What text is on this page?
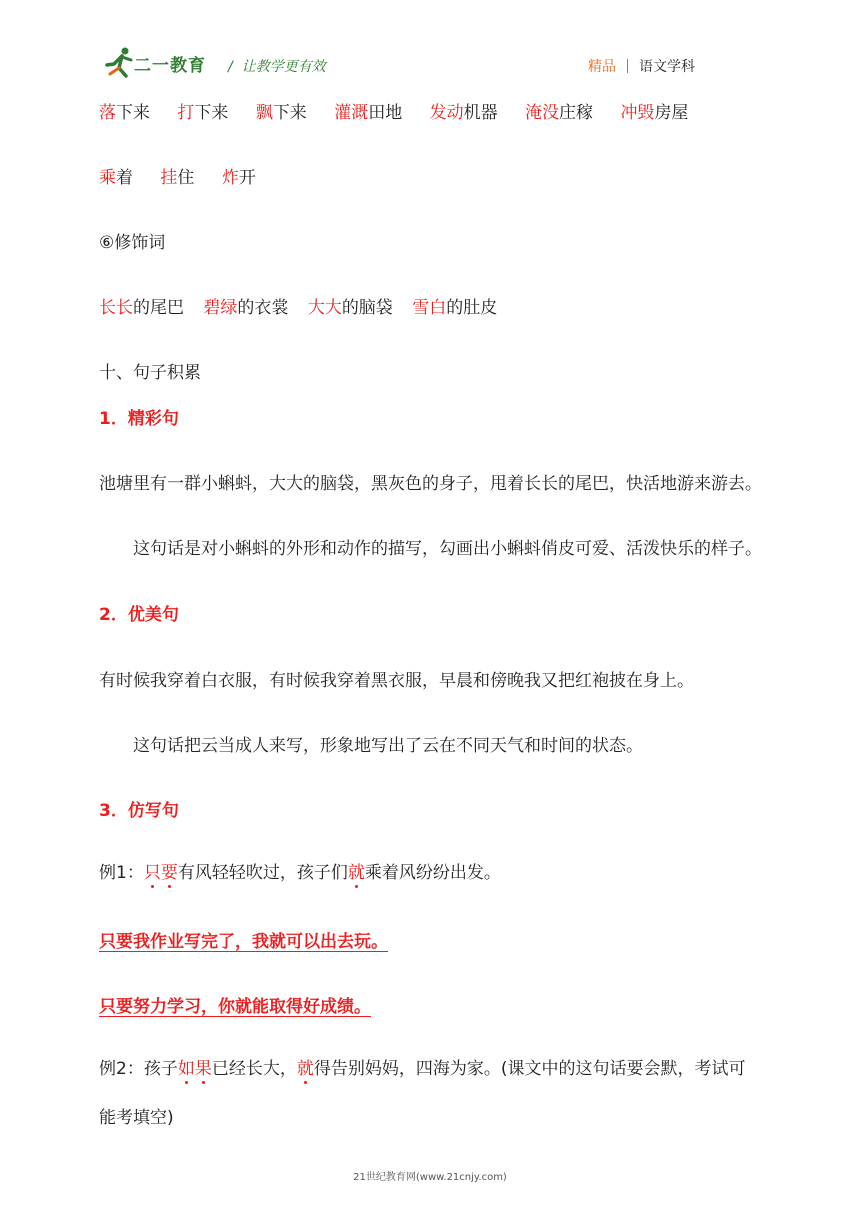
二一教育 /  让教学更有效	精品 语文学科
落下来 打下来 飘下来 灌溉田地 发动机器 淹没庄稼 冲毁房屋
乘着 挂住 炸开
⑥修饰词
长长的尾巴 碧绿的衣裳 大大的脑袋 雪白的肚皮
十、句子积累
1．精彩句
池塘里有一群小蝌蚪，大大的脑袋，黑灰色的身子，甩着长长的尾巴，快活地游来游去。
这句话是对小蝌蚪的外形和动作的描写，勾画出小蝌蚪俏皮可爱、活泼快乐的样子。
2．优美句
有时候我穿着白衣服，有时候我穿着黑衣服，早晨和傍晚我又把红袍披在身上。
这句话把云当成人来写，形象地写出了云在不同天气和时间的状态。
3．仿写句
例1：只要有风轻轻吹过，孩子们就乘着风纷纷出发。
只要我作业写完了，我就可以出去玩。
只要努力学习，你就能取得好成绩。
例2：孩子如果已经长大，就得告别妈妈，四海为家。(课文中的这句话要会默，考试可
能考填空)
21世纪教育网(www.21cnjy.com)
